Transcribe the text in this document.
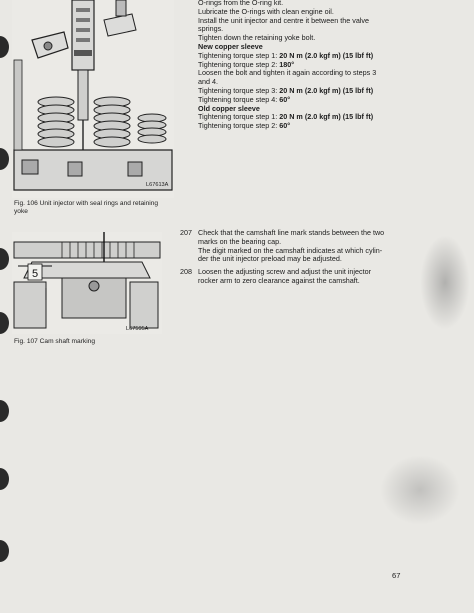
L67613A
Fig. 106 Unit injector with seal rings and retaining
yoke
5
L67595A
Fig. 107 Cam shaft marking
O-rings from the O-ring kit.
Lubricate the O-rings with clean engine oil.
Install the unit injector and centre it between the valve
springs.
Tighten down the retaining yoke bolt.
New copper sleeve
Tightening torque step 1: 20 N m (2.0 kgf m) (15 lbf ft)
Tightening torque step 2: 180°
Loosen the bolt and tighten it again according to steps 3
and 4.
Tightening torque step 3: 20 N m (2.0 kgf m) (15 lbf ft)
Tightening torque step 4: 60°
Old copper sleeve
Tightening torque step 1: 20 N m (2.0 kgf m) (15 lbf ft)
Tightening torque step 2: 60°
207 Check that the camshaft line mark stands between the two
marks on the bearing cap.
The digit marked on the camshaft indicates at which cylin-
der the unit injector preload may be adjusted.
208 Loosen the adjusting screw and adjust the unit injector
rocker arm to zero clearance against the camshaft.
67
